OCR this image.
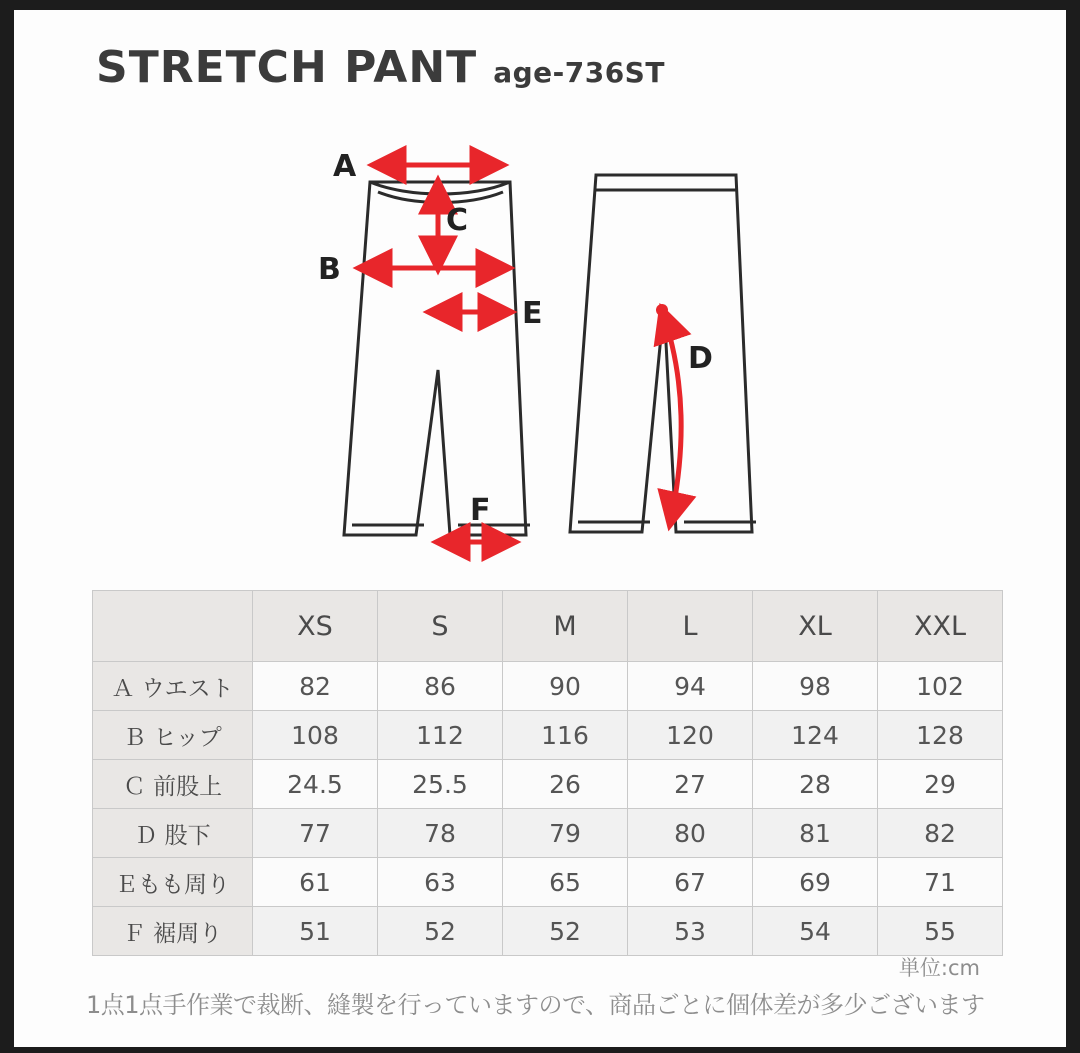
STRETCH PANT age-736ST
A
B
C
D
E
F
	XS	S	M	L	XL	XXL
Ａ ウエスト	82	86	90	94	98	102
Ｂ ヒップ	108	112	116	120	124	128
Ｃ 前股上	24.5	25.5	26	27	28	29
Ｄ 股下	77	78	79	80	81	82
Ｅもも周り	61	63	65	67	69	71
Ｆ 裾周り	51	52	52	53	54	55
単位:cm
1点1点手作業で裁断、縫製を行っていますので、商品ごとに個体差が多少ございます
